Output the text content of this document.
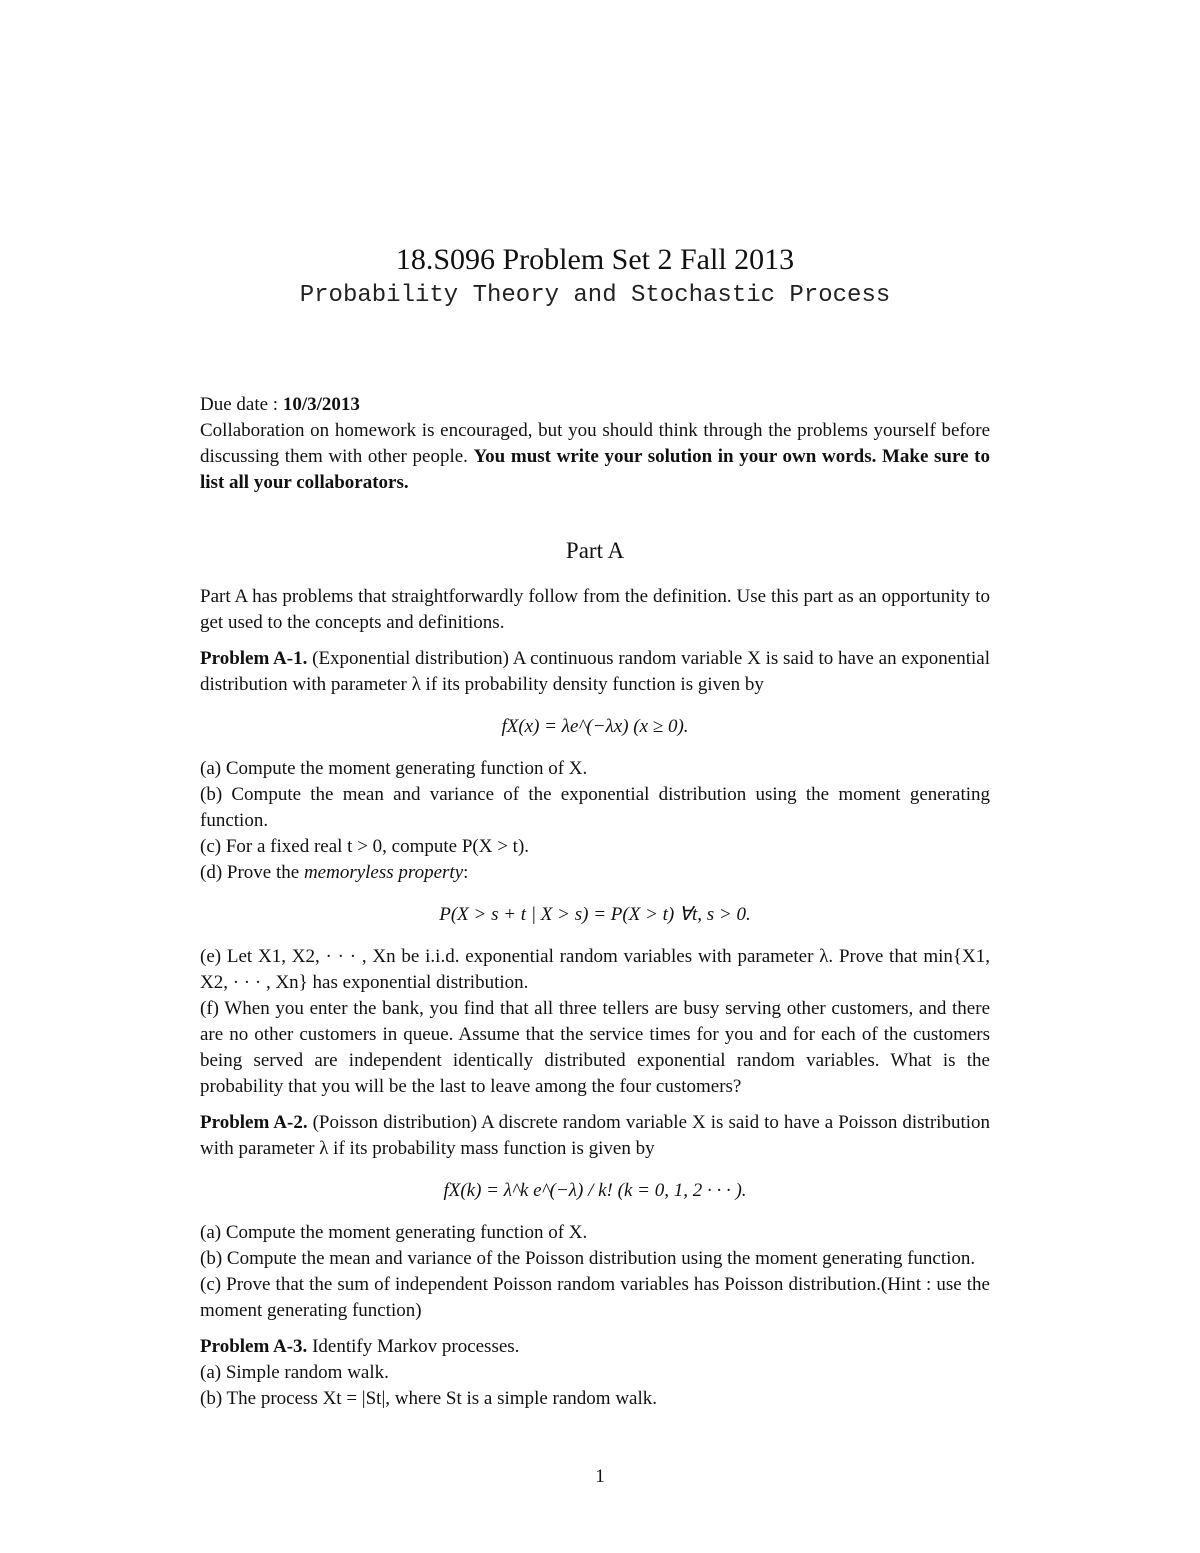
18.S096 Problem Set 2 Fall 2013
Probability Theory and Stochastic Process

Due date : 10/3/2013

Collaboration on homework is encouraged, but you should think through the problems yourself before discussing them with other people. You must write your solution in your own words. Make sure to list all your collaborators.

Part A

Part A has problems that straightforwardly follow from the definition. Use this part as an opportunity to get used to the concepts and definitions.

Problem A-1. (Exponential distribution) A continuous random variable X is said to have an exponential distribution with parameter λ if its probability density function is given by

fX(x) = λe^(−λx) (x ≥ 0).

(a) Compute the moment generating function of X.

(b) Compute the mean and variance of the exponential distribution using the moment generating function.

(c) For a fixed real t > 0, compute P(X > t).

(d) Prove the memoryless property:

P(X > s + t | X > s) = P(X > t) ∀t, s > 0.

(e) Let X1, X2, · · · , Xn be i.i.d. exponential random variables with parameter λ. Prove that min{X1, X2, · · · , Xn} has exponential distribution.

(f) When you enter the bank, you find that all three tellers are busy serving other customers, and there are no other customers in queue. Assume that the service times for you and for each of the customers being served are independent identically distributed exponential random variables. What is the probability that you will be the last to leave among the four customers?

Problem A-2. (Poisson distribution) A discrete random variable X is said to have a Poisson distribution with parameter λ if its probability mass function is given by

fX(k) = λ^k e^(−λ) / k! (k = 0, 1, 2 · · · ).

(a) Compute the moment generating function of X.

(b) Compute the mean and variance of the Poisson distribution using the moment generating function.

(c) Prove that the sum of independent Poisson random variables has Poisson distribution.(Hint : use the moment generating function)

Problem A-3. Identify Markov processes.

(a) Simple random walk.

(b) The process Xt = |St|, where St is a simple random walk.

1
